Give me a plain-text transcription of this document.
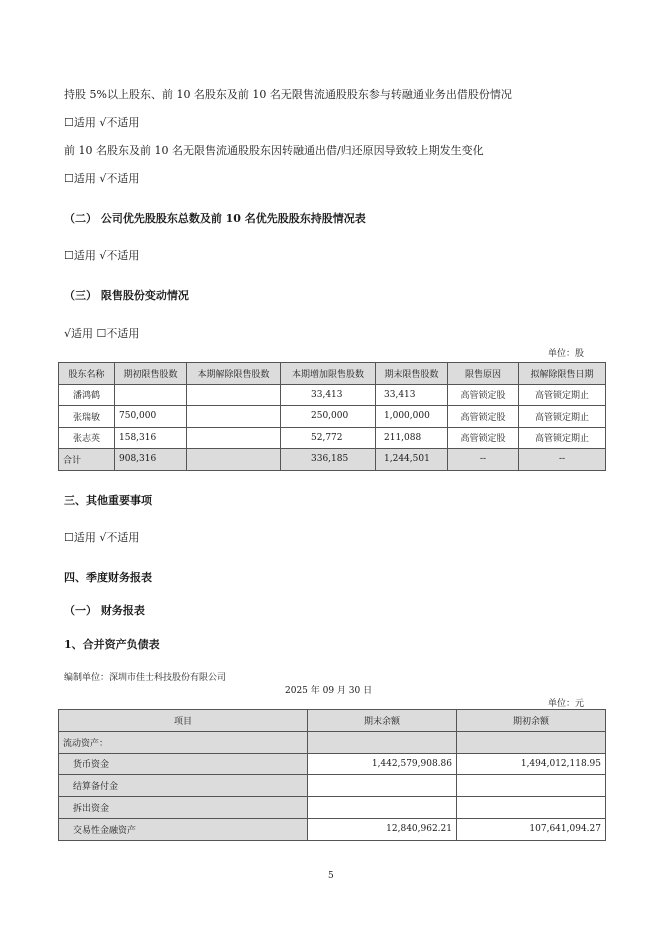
持股 5%以上股东、前 10 名股东及前 10 名无限售流通股股东参与转融通业务出借股份情况
☐适用 √不适用
前 10 名股东及前 10 名无限售流通股股东因转融通出借/归还原因导致较上期发生变化
☐适用 √不适用
（二） 公司优先股股东总数及前 10 名优先股股东持股情况表
☐适用 √不适用
（三） 限售股份变动情况
√适用 ☐不适用
单位：股
股东名称	期初限售股数	本期解除限售股数	本期增加限售股数	期末限售股数	限售原因	拟解除限售日期
潘鸿鹤			33,413	33,413	高管锁定股	高管锁定期止
张瑞敏	750,000		250,000	1,000,000	高管锁定股	高管锁定期止
张志英	158,316		52,772	211,088	高管锁定股	高管锁定期止
合计	908,316		336,185	1,244,501	--	--
三、其他重要事项
☐适用 √不适用
四、季度财务报表
（一） 财务报表
1、合并资产负债表
编制单位：深圳市佳士科技股份有限公司
2025 年 09 月 30 日
单位：元
项目	期末余额	期初余额
流动资产：		
货币资金	1,442,579,908.86	1,494,012,118.95
结算备付金		
拆出资金		
交易性金融资产	12,840,962.21	107,641,094.27
5
